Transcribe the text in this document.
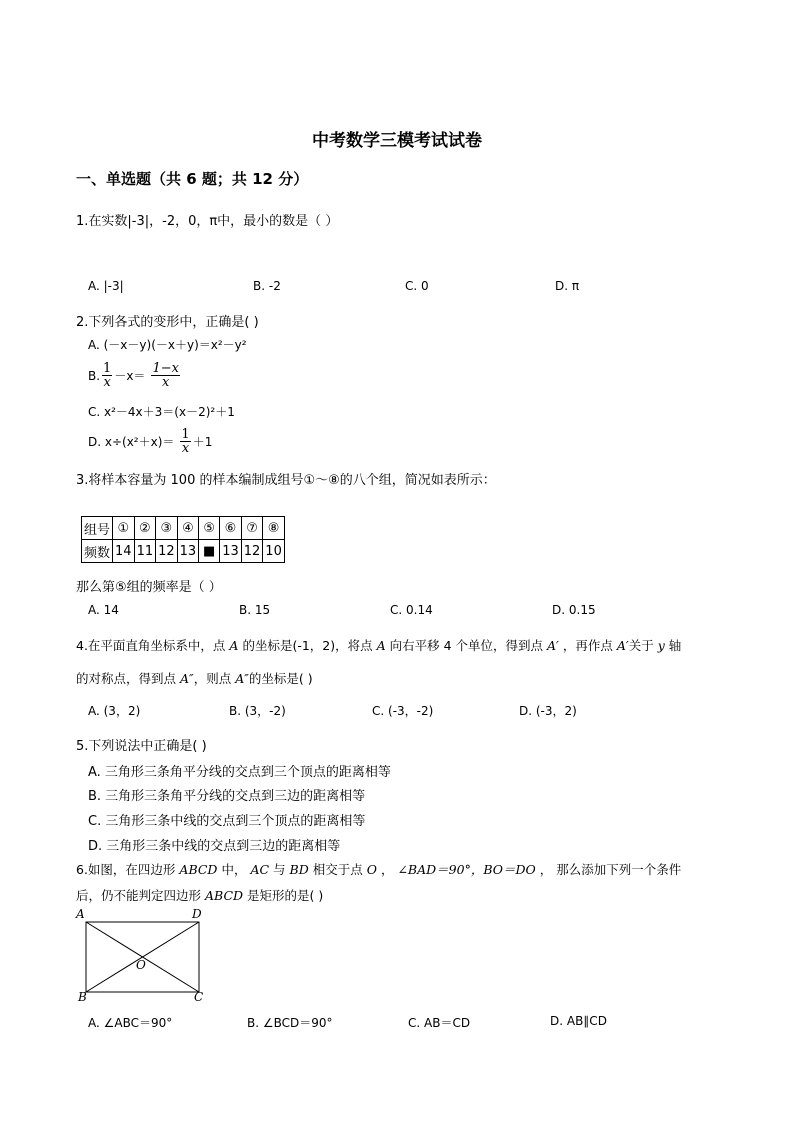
中考数学三模考试试卷
一、单选题（共 6 题；共 12 分）
1.在实数|-3|，-2，0，π中，最小的数是（ ）
A. |-3|	B. -2	C. 0	D. π
2.下列各式的变形中，正确是( )
A. (－x－y)(－x＋y)＝x²－y²
B. $\frac{1}{x} -x= \frac{1-x}{x}$
C. x²－4x＋3＝(x－2)²＋1
D. $x\div(x^2+x)= \frac{1}{x} +1$
3.将样本容量为 100 的样本编制成组号①～⑧的八个组，简况如表所示：
组号	①	②	③	④	⑤	⑥	⑦	⑧
频数	14	11	12	13	■	13	12	10
那么第⑤组的频率是（ ）
A. 14	B. 15	C. 0.14	D. 0.15
4.在平面直角坐标系中，点 A 的坐标是(-1，2)，将点 A 向右平移 4 个单位，得到点 A′ ，再作点 A′关于 y 轴
的对称点，得到点 A″，则点 A″的坐标是( )
A. (3，2)	B. (3，-2)	C. (-3，-2)	D. (-3，2)
5.下列说法中正确是( )
A. 三角形三条角平分线的交点到三个顶点的距离相等
B. 三角形三条角平分线的交点到三边的距离相等
C. 三角形三条中线的交点到三个顶点的距离相等
D. 三角形三条中线的交点到三边的距离相等
6.如图，在四边形 ABCD 中， AC 与 BD 相交于点 O ， ∠BAD＝90°，BO＝DO ， 那么添加下列一个条件
后，仍不能判定四边形 ABCD 是矩形的是( )
A	D
B	C
O
A. ∠ABC＝90°	B. ∠BCD＝90°	C. AB＝CD	D. AB∥CD
